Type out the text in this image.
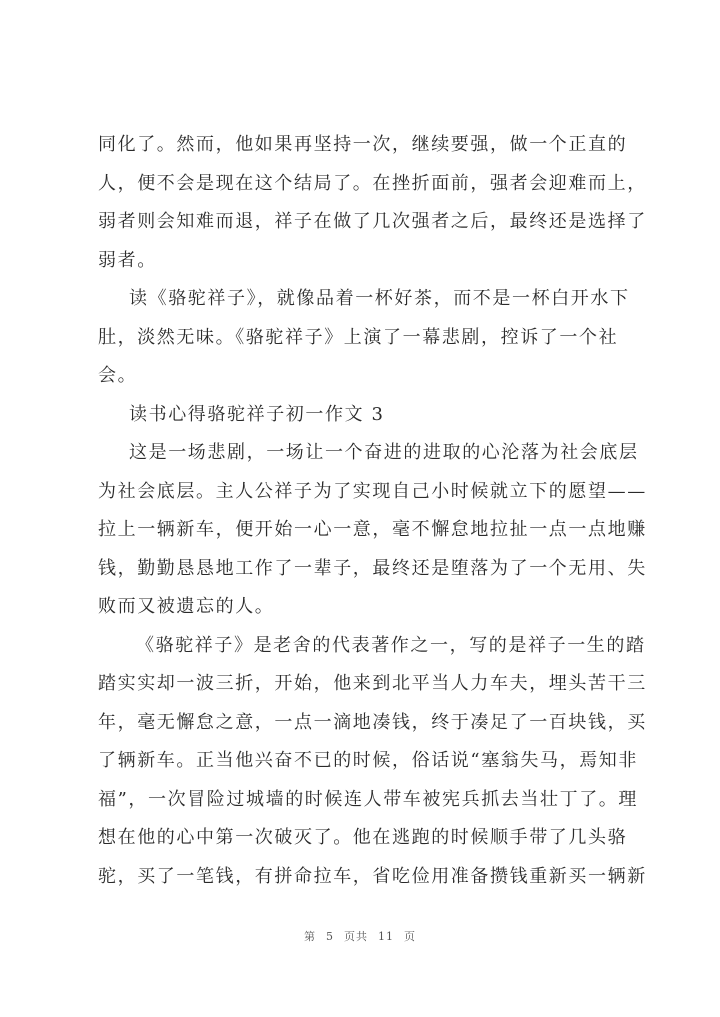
同化了。然而，他如果再坚持一次，继续要强，做一个正直的
人，便不会是现在这个结局了。在挫折面前，强者会迎难而上，
弱者则会知难而退，祥子在做了几次强者之后，最终还是选择了
弱者。
读《骆驼祥子》，就像品着一杯好茶，而不是一杯白开水下
肚，淡然无味。《骆驼祥子》上演了一幕悲剧，控诉了一个社
会。
读书心得骆驼祥子初一作文 3
这是一场悲剧，一场让一个奋进的进取的心沦落为社会底层
为社会底层。主人公祥子为了实现自己小时候就立下的愿望——
拉上一辆新车，便开始一心一意，毫不懈怠地拉扯一点一点地赚
钱，勤勤恳恳地工作了一辈子，最终还是堕落为了一个无用、失
败而又被遗忘的人。
《骆驼祥子》是老舍的代表著作之一，写的是祥子一生的踏
踏实实却一波三折，开始，他来到北平当人力车夫，埋头苦干三
年，毫无懈怠之意，一点一滴地凑钱，终于凑足了一百块钱，买
了辆新车。正当他兴奋不已的时候，俗话说“塞翁失马，焉知非
福”，一次冒险过城墙的时候连人带车被宪兵抓去当壮丁了。理
想在他的心中第一次破灭了。他在逃跑的时候顺手带了几头骆
驼，买了一笔钱，有拼命拉车，省吃俭用准备攒钱重新买一辆新
第 5 页共 11 页
